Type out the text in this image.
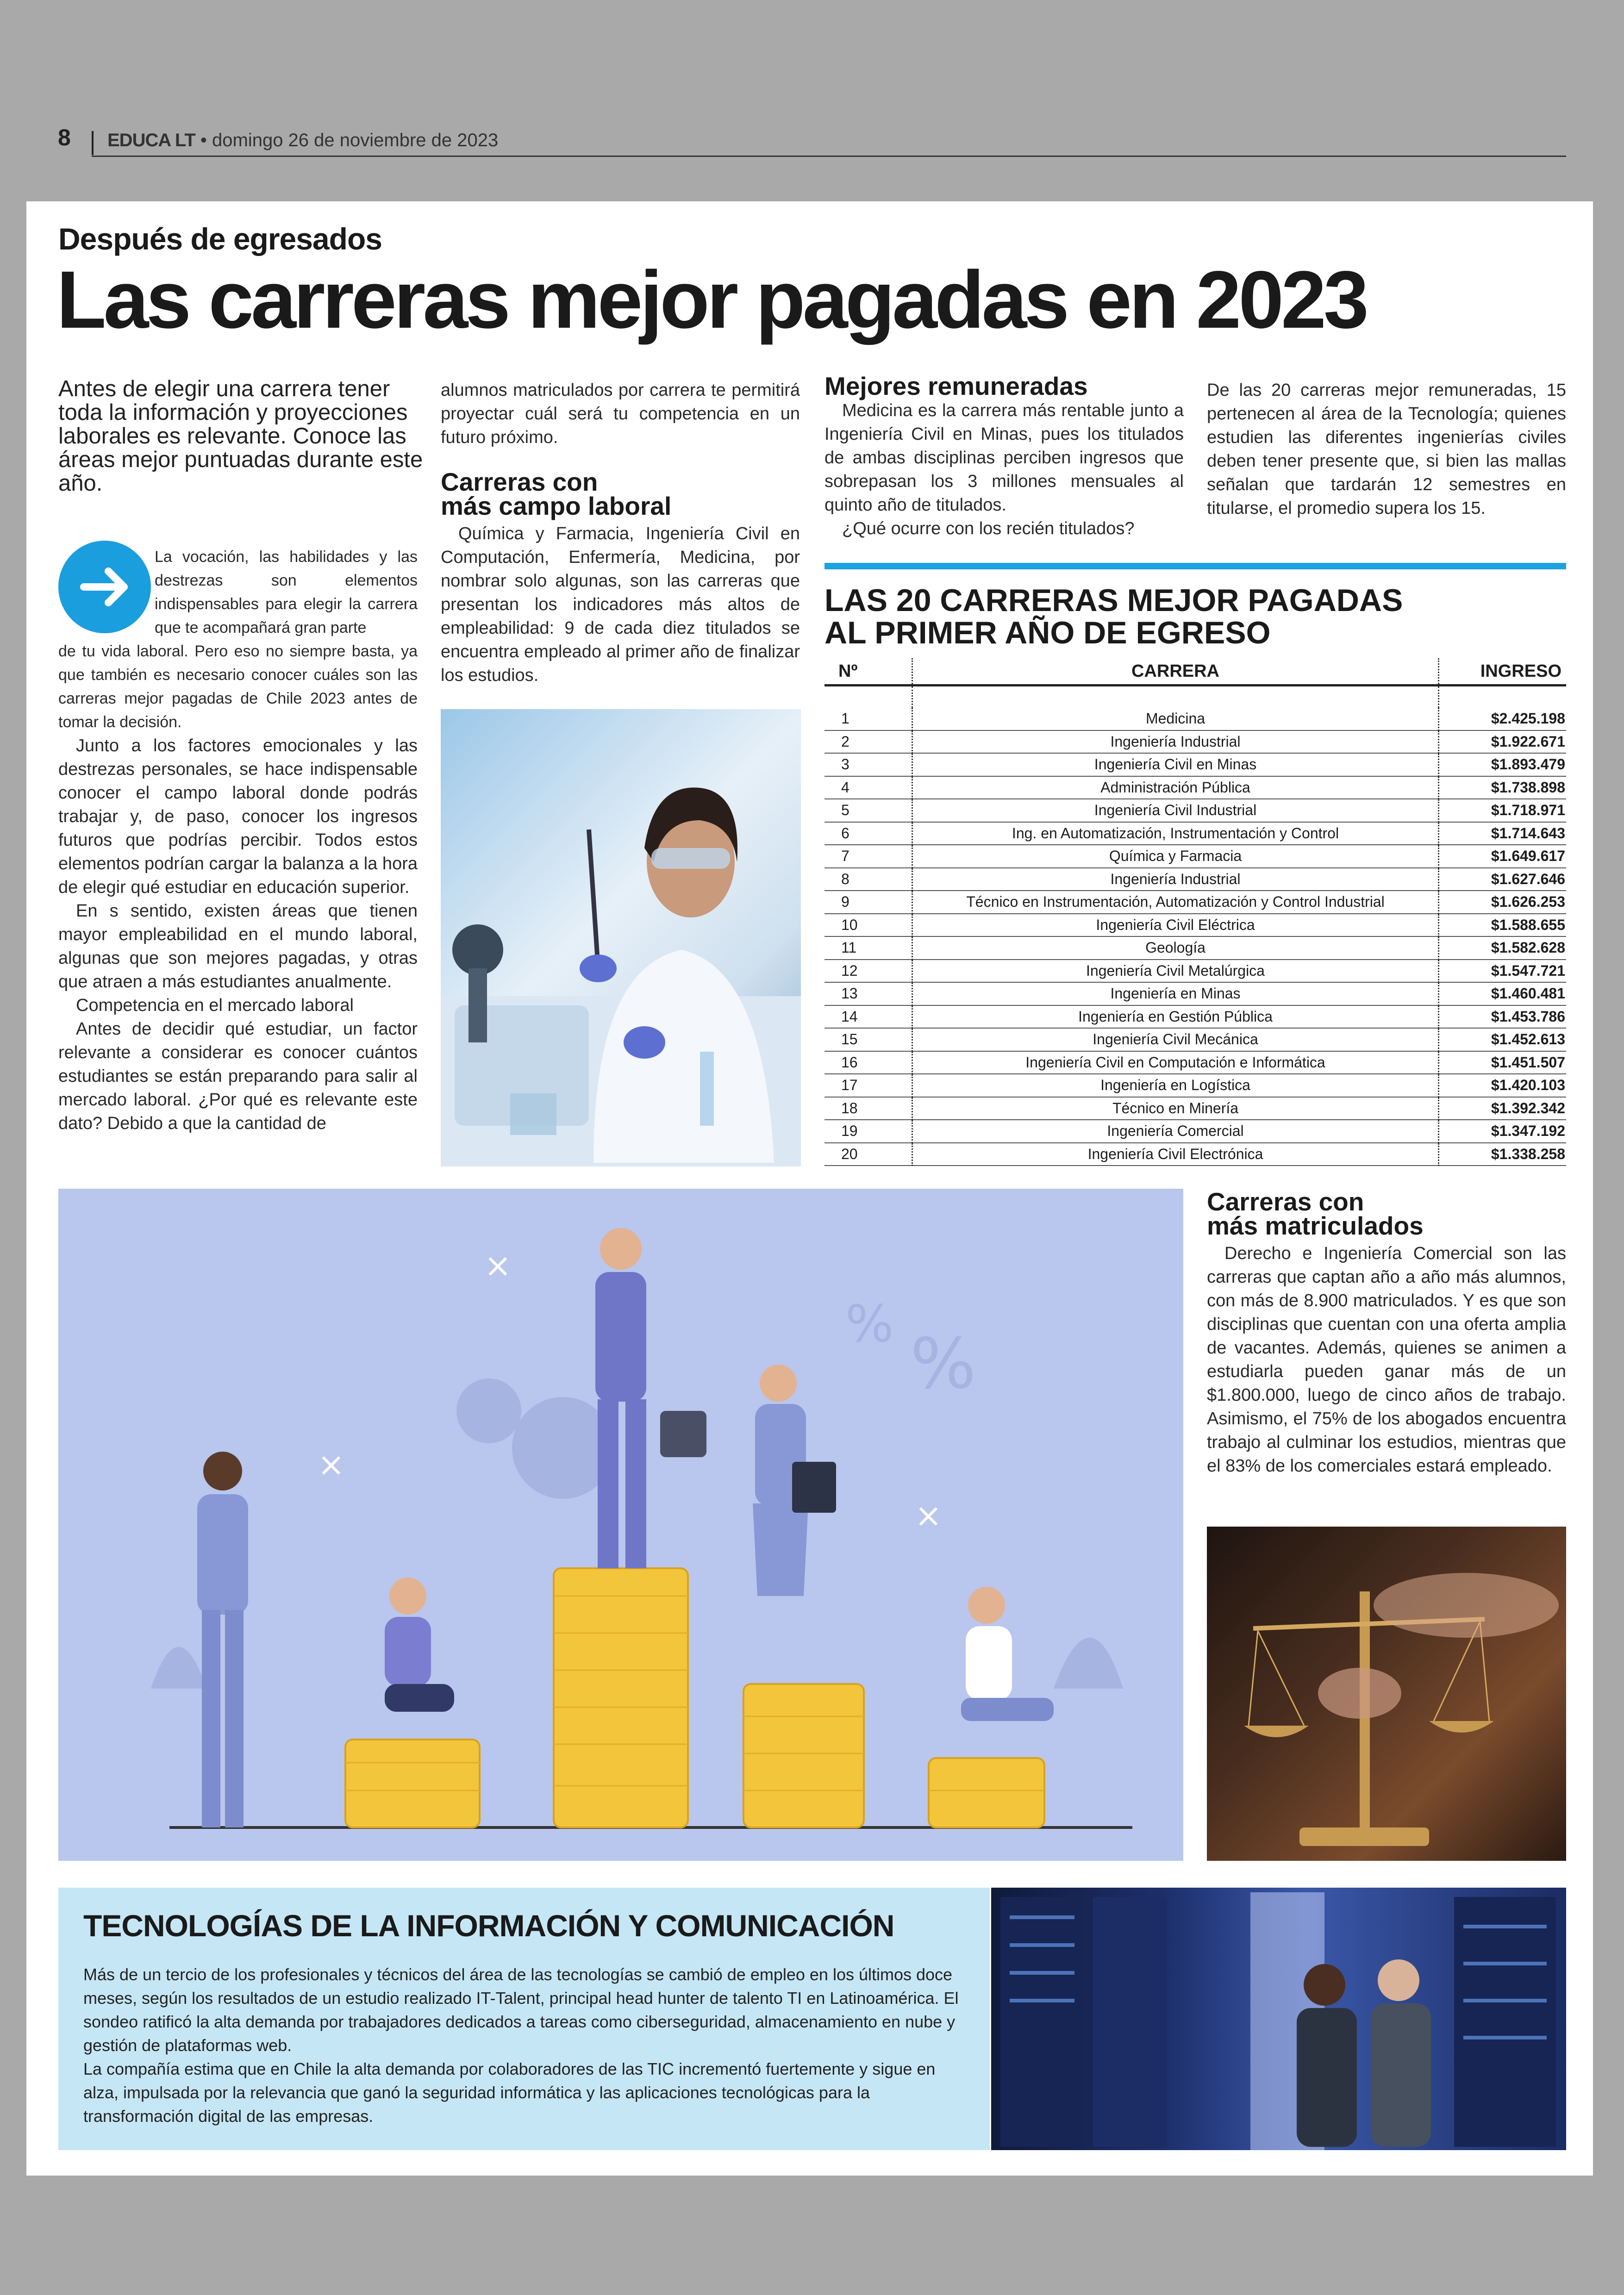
8 EDUCA LT • domingo 26 de noviembre de 2023
Después de egresados
Las carreras mejor pagadas en 2023
Antes de elegir una carrera tener toda la información y proyecciones laborales es relevante. Conoce las áreas mejor puntuadas durante este año.
La vocación, las habilidades y las destrezas son elementos indispensables para elegir la carrera que te acompañará gran parte

de tu vida laboral. Pero eso no siempre basta, ya que también es necesario conocer cuáles son las carreras mejor pagadas de Chile 2023 antes de tomar la decisión.

Junto a los factores emocionales y las destrezas personales, se hace indispensable conocer el campo laboral donde podrás trabajar y, de paso, conocer los ingresos futuros que podrías percibir. Todos estos elementos podrían cargar la balanza a la hora de elegir qué estudiar en educación superior.

En s sentido, existen áreas que tienen mayor empleabilidad en el mundo laboral, algunas que son mejores pagadas, y otras que atraen a más estudiantes anualmente.

Competencia en el mercado laboral

Antes de decidir qué estudiar, un factor relevante a considerar es conocer cuántos estudiantes se están preparando para salir al mercado laboral. ¿Por qué es relevante este dato? Debido a que la cantidad de

alumnos matriculados por carrera te permitirá proyectar cuál será tu competencia en un futuro próximo.

Carreras con
más campo laboral

Química y Farmacia, Ingeniería Civil en Computación, Enfermería, Medicina, por nombrar solo algunas, son las carreras que presentan los indicadores más altos de empleabilidad: 9 de cada diez titulados se encuentra empleado al primer año de finalizar los estudios.

Mejores remuneradas

Medicina es la carrera más rentable junto a Ingeniería Civil en Minas, pues los titulados de ambas disciplinas perciben ingresos que sobrepasan los 3 millones mensuales al quinto año de titulados.

¿Qué ocurre con los recién titulados?

De las 20 carreras mejor remuneradas, 15 pertenecen al área de la Tecnología; quienes estudien las diferentes ingenierías civiles deben tener presente que, si bien las mallas señalan que tardarán 12 semestres en titularse, el promedio supera los 15.

LAS 20 CARRERAS MEJOR PAGADAS
AL PRIMER AÑO DE EGRESO
Nº	CARRERA	INGRESO

1	Medicina	$2.425.198
2	Ingeniería Industrial	$1.922.671
3	Ingeniería Civil en Minas	$1.893.479
4	Administración Pública	$1.738.898
5	Ingeniería Civil Industrial	$1.718.971
6	Ing. en Automatización, Instrumentación y Control	$1.714.643
7	Química y Farmacia	$1.649.617
8	Ingeniería Industrial	$1.627.646
9	Técnico en Instrumentación, Automatización y Control Industrial	$1.626.253
10	Ingeniería Civil Eléctrica	$1.588.655
11	Geología	$1.582.628
12	Ingeniería Civil Metalúrgica	$1.547.721
13	Ingeniería en Minas	$1.460.481
14	Ingeniería en Gestión Pública	$1.453.786
15	Ingeniería Civil Mecánica	$1.452.613
16	Ingeniería Civil en Computación e Informática	$1.451.507
17	Ingeniería en Logística	$1.420.103
18	Técnico en Minería	$1.392.342
19	Ingeniería Comercial	$1.347.192
20	Ingeniería Civil Electrónica	$1.338.258
% %
×
×
×
Carreras con
más matriculados

Derecho e Ingeniería Comercial son las carreras que captan año a año más alumnos, con más de 8.900 matriculados. Y es que son disciplinas que cuentan con una oferta amplia de vacantes. Además, quienes se animen a estudiarla pueden ganar más de un $1.800.000, luego de cinco años de trabajo. Asimismo, el 75% de los abogados encuentra trabajo al culminar los estudios, mientras que el 83% de los comerciales estará empleado.

TECNOLOGÍAS DE LA INFORMACIÓN Y COMUNICACIÓN

Más de un tercio de los profesionales y técnicos del área de las tecnologías se cambió de empleo en los últimos doce meses, según los resultados de un estudio realizado IT-Talent, principal head hunter de talento TI en Latinoamérica. El sondeo ratificó la alta demanda por trabajadores dedicados a tareas como ciberseguridad, almacenamiento en nube y gestión de plataformas web.

La compañía estima que en Chile la alta demanda por colaboradores de las TIC incrementó fuertemente y sigue en alza, impulsada por la relevancia que ganó la seguridad informática y las aplicaciones tecnológicas para la transformación digital de las empresas.
